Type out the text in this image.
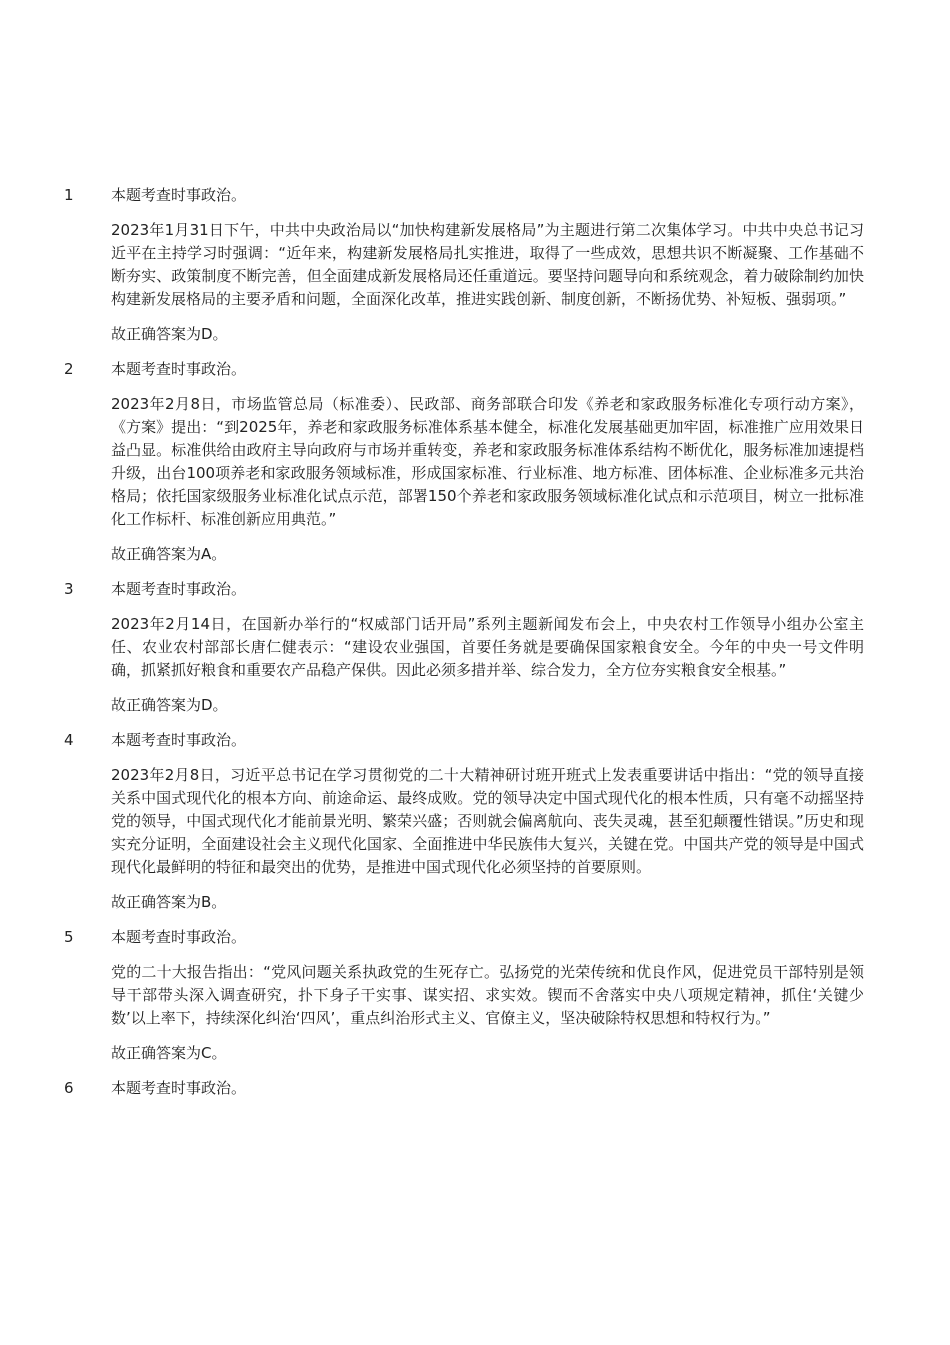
1	本题考查时事政治。
2023年1月31日下午，中共中央政治局以“加快构建新发展格局”为主题进行第二次集体学习。中共中央总书记习近平在主持学习时强调：“近年来，构建新发展格局扎实推进，取得了一些成效，思想共识不断凝聚、工作基础不断夯实、政策制度不断完善，但全面建成新发展格局还任重道远。要坚持问题导向和系统观念，着力破除制约加快构建新发展格局的主要矛盾和问题，全面深化改革，推进实践创新、制度创新，不断扬优势、补短板、强弱项。”
故正确答案为D。
2	本题考查时事政治。
2023年2月8日，市场监管总局（标准委）、民政部、商务部联合印发《养老和家政服务标准化专项行动方案》，《方案》提出：“到2025年，养老和家政服务标准体系基本健全，标准化发展基础更加牢固，标准推广应用效果日益凸显。标准供给由政府主导向政府与市场并重转变，养老和家政服务标准体系结构不断优化，服务标准加速提档升级，出台100项养老和家政服务领域标准，形成国家标准、行业标准、地方标准、团体标准、企业标准多元共治格局；依托国家级服务业标准化试点示范，部署150个养老和家政服务领域标准化试点和示范项目，树立一批标准化工作标杆、标准创新应用典范。”
故正确答案为A。
3	本题考查时事政治。
2023年2月14日，在国新办举行的“权威部门话开局”系列主题新闻发布会上，中央农村工作领导小组办公室主任、农业农村部部长唐仁健表示：“建设农业强国，首要任务就是要确保国家粮食安全。今年的中央一号文件明确，抓紧抓好粮食和重要农产品稳产保供。因此必须多措并举、综合发力，全方位夯实粮食安全根基。”
故正确答案为D。
4	本题考查时事政治。
2023年2月8日，习近平总书记在学习贯彻党的二十大精神研讨班开班式上发表重要讲话中指出：“党的领导直接关系中国式现代化的根本方向、前途命运、最终成败。党的领导决定中国式现代化的根本性质，只有毫不动摇坚持党的领导，中国式现代化才能前景光明、繁荣兴盛；否则就会偏离航向、丧失灵魂，甚至犯颠覆性错误。”历史和现实充分证明，全面建设社会主义现代化国家、全面推进中华民族伟大复兴，关键在党。中国共产党的领导是中国式现代化最鲜明的特征和最突出的优势，是推进中国式现代化必须坚持的首要原则。
故正确答案为B。
5	本题考查时事政治。
党的二十大报告指出：“党风问题关系执政党的生死存亡。弘扬党的光荣传统和优良作风，促进党员干部特别是领导干部带头深入调查研究，扑下身子干实事、谋实招、求实效。锲而不舍落实中央八项规定精神，抓住‘关键少数’以上率下，持续深化纠治‘四风’，重点纠治形式主义、官僚主义，坚决破除特权思想和特权行为。”
故正确答案为C。
6	本题考查时事政治。
